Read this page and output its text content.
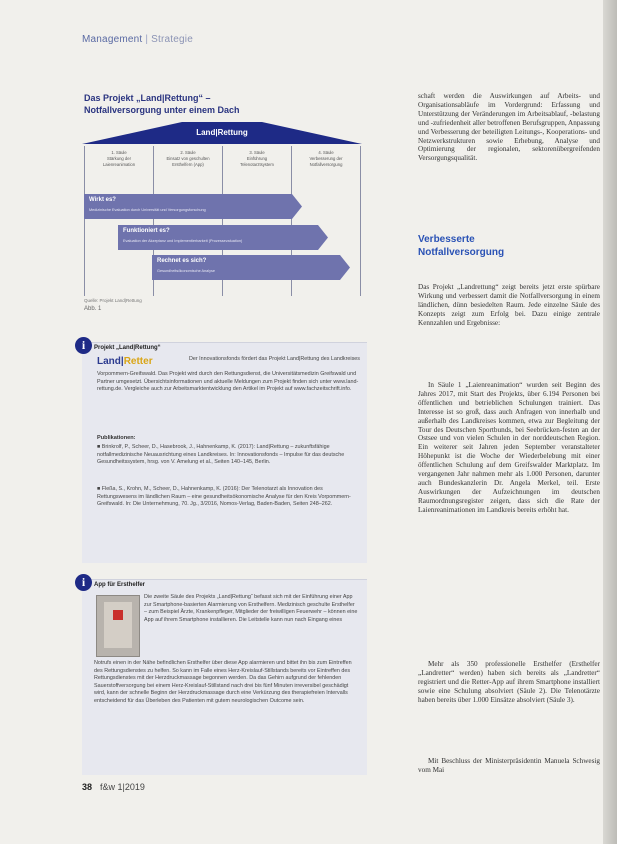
Management | Strategie
Das Projekt „Land|Rettung“ –
Notfallversorgung unter einem Dach
Land|Rettung
1. Säule
Stärkung der
Laienreanimation
2. Säule
Einsatz von geschulten
Ersthelfern (App)
3. Säule
Einführung
Telenotarztsystem
4. Säule
Verbesserung der
Notfallversorgung
Wirkt es?
Medizinische Evaluation durch Universität und Versorgungsforschung
Funktioniert es?
Evaluation der Akzeptanz und Implementierbarkeit (Prozessevaluation)
Rechnet es sich?
Gesundheitsökonomische Analyse
Quelle: Projekt Land|Rettung
Abb. 1
i	Projekt „Land|Rettung“
Land|Retter	Der Innovationsfonds fördert das Projekt Land|Rettung des Landkreises
Vorpommern-Greifswald. Das Projekt wird durch den Rettungsdienst, die Universitätsmedizin Greifswald und Partner umgesetzt. Übersichtsinformationen und aktuelle Meldungen zum Projekt finden sich unter www.land-rettung.de. Vergleiche auch zur Arbeitsmarktentwicklung den Artikel im Projekt auf www.fachzeitschrift.info.
Publikationen:
■ Brinkrolf, P., Scheer, D., Hasebrook, J., Hahnenkamp, K. (2017): Land|Rettung – zukunftsfähige notfallmedizinische Neuausrichtung eines Landkreises. In: Innovationsfonds – Impulse für das deutsche Gesundheitssystem, hrsg. von V. Amelung et al., Seiten 140–145, Berlin.
■ Fleßa, S., Krohn, M., Scheer, D., Hahnenkamp, K. (2016): Der Telenotarzt als Innovation des Rettungswesens im ländlichen Raum – eine gesundheitsökonomische Analyse für den Kreis Vorpommern-Greifswald. In: Die Unternehmung, 70. Jg., 3/2016, Nomos-Verlag, Baden-Baden, Seiten 248–262.
i	App für Ersthelfer
Die zweite Säule des Projekts „Land|Rettung“ befasst sich mit der Einführung einer App zur Smartphone-basierten Alarmierung von Ersthelfern. Medizinisch geschulte Ersthelfer – zum Beispiel Ärzte, Krankenpfleger, Mitglieder der freiwilligen Feuerwehr – können eine App auf ihrem Smartphone installieren. Die Leitstelle kann nun nach Eingang eines
Notrufs einen in der Nähe befindlichen Ersthelfer über diese App alarmieren und bittet ihn bis zum Eintreffen des Rettungsdienstes zu helfen. So kann im Falle eines Herz-Kreislauf-Stillstands bereits vor Eintreffen des Rettungsdienstes mit der Herzdruckmassage begonnen werden. Da das Gehirn aufgrund der fehlenden Sauerstoffversorgung bei einem Herz-Kreislauf-Stillstand nach drei bis fünf Minuten irreversibel geschädigt wird, kann der schnelle Beginn der Herzdruckmassage durch eine Verkürzung des therapiefreien Intervalls entscheidend für das Überleben des Patienten mit gutem neurologischen Outcome sein.
schaft werden die Auswirkungen auf Arbeits- und Organisationsabläufe im Vordergrund: Erfassung und Unterstützung der Veränderungen im Arbeitsablauf, -belastung und -zufriedenheit aller betroffenen Berufsgruppen, Anpassung und Verbesserung der beteiligten Leitungs-, Kooperations- und Netzwerkstrukturen sowie Erhebung, Analyse und Optimierung der regionalen, sektorenübergreifenden Versorgungsqualität.
Verbesserte
Notfallversorgung
Das Projekt „Landrettung“ zeigt bereits jetzt erste spürbare Wirkung und verbessert damit die Notfallversorgung in einem ländlichen, dünn besiedelten Raum. Jede einzelne Säule des Konzepts zeigt zum Erfolg bei. Dazu einige zentrale Kennzahlen und Ergebnisse:
In Säule 1 „Laienreanimation“ wurden seit Beginn des Jahres 2017, mit Start des Projekts, über 6.194 Personen bei öffentlichen und betrieblichen Schulungen trainiert. Das Interesse ist so groß, dass auch Anfragen von innerhalb und außerhalb des Landkreises kommen, etwa zur Begleitung der Tour des Deutschen Sportbunds, bei Seebrücken-festen an der Ostsee und von vielen Schulen in der norddeutschen Region. Ein weiterer seit Jahren jeden September veranstalteter Höhepunkt ist die Woche der Wiederbelebung mit einer öffentlichen Schulung auf dem Greifswalder Marktplatz. Im vergangenen Jahr nahmen mehr als 1.000 Personen, darunter auch Bundeskanzlerin Dr. Angela Merkel, teil. Erste Auswirkungen der Aufzeichnungen im deutschen Raumordnungsregister zeigen, dass sich die Rate der Laienreanimationen im Landkreis bereits erhöht hat.
Mehr als 350 professionelle Ersthelfer (Ersthelfer „Landretter“ werden) haben sich bereits als „Landretter“ registriert und die Retter-App auf ihrem Smartphone installiert sowie eine Schulung absolviert (Säule 2). Die Telenotärzte haben bereits über 1.000 Einsätze absolviert (Säule 3).
Mit Beschluss der Ministerpräsidentin Manuela Schwesig vom Mai
38 f&w 1|2019
